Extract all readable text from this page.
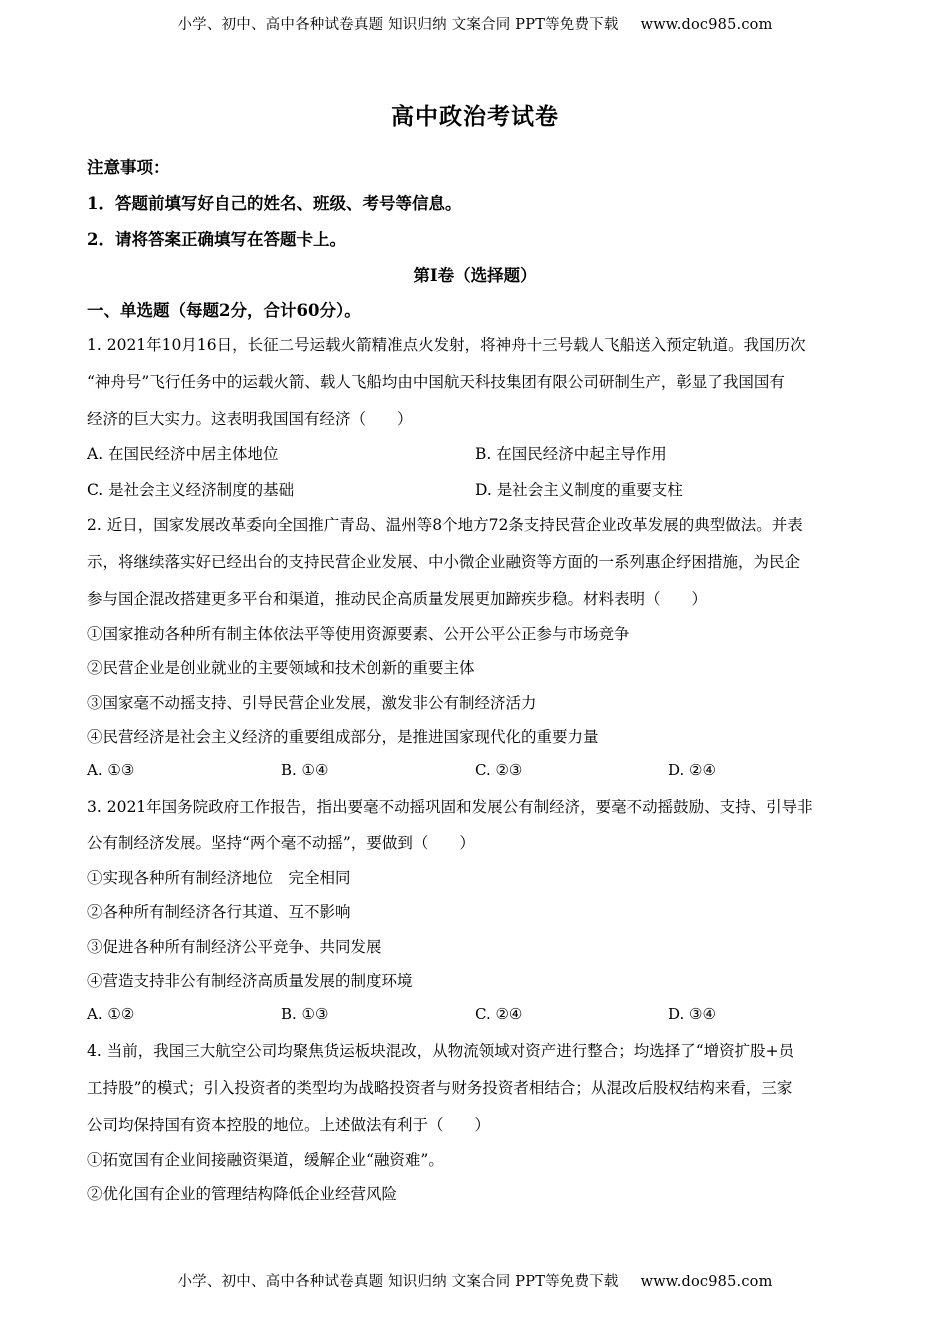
小学、初中、高中各种试卷真题 知识归纳 文案合同 PPT等免费下载 www.doc985.com
高中政治考试卷
注意事项：
1．答题前填写好自己的姓名、班级、考号等信息。
2．请将答案正确填写在答题卡上。
第I卷（选择题）
一、单选题（每题2分，合计60分）。
1. 2021年10月16日，长征二号运载火箭精准点火发射，将神舟十三号载人飞船送入预定轨道。我国历次
“神舟号”飞行任务中的运载火箭、载人飞船均由中国航天科技集团有限公司研制生产，彰显了我国国有
经济的巨大实力。这表明我国国有经济（　　）
A. 在国民经济中居主体地位	B. 在国民经济中起主导作用
C. 是社会主义经济制度的基础	D. 是社会主义制度的重要支柱
2. 近日，国家发展改革委向全国推广青岛、温州等8个地方72条支持民营企业改革发展的典型做法。并表
示，将继续落实好已经出台的支持民营企业发展、中小微企业融资等方面的一系列惠企纾困措施，为民企
参与国企混改搭建更多平台和渠道，推动民企高质量发展更加蹄疾步稳。材料表明（　　）
①国家推动各种所有制主体依法平等使用资源要素、公开公平公正参与市场竞争
②民营企业是创业就业的主要领域和技术创新的重要主体
③国家毫不动摇支持、引导民营企业发展，激发非公有制经济活力
④民营经济是社会主义经济的重要组成部分，是推进国家现代化的重要力量
A. ①③	B. ①④	C. ②③	D. ②④
3. 2021年国务院政府工作报告，指出要毫不动摇巩固和发展公有制经济，要毫不动摇鼓励、支持、引导非
公有制经济发展。坚持“两个毫不动摇”，要做到（　　）
①实现各种所有制经济地位　完全相同
②各种所有制经济各行其道、互不影响
③促进各种所有制经济公平竞争、共同发展
④营造支持非公有制经济高质量发展的制度环境
A. ①②	B. ①③	C. ②④	D. ③④
4. 当前，我国三大航空公司均聚焦货运板块混改，从物流领域对资产进行整合；均选择了“增资扩股+员
工持股”的模式；引入投资者的类型均为战略投资者与财务投资者相结合；从混改后股权结构来看，三家
公司均保持国有资本控股的地位。上述做法有利于（　　）
①拓宽国有企业间接融资渠道，缓解企业“融资难”。
②优化国有企业的管理结构降低企业经营风险
小学、初中、高中各种试卷真题 知识归纳 文案合同 PPT等免费下载 www.doc985.com
